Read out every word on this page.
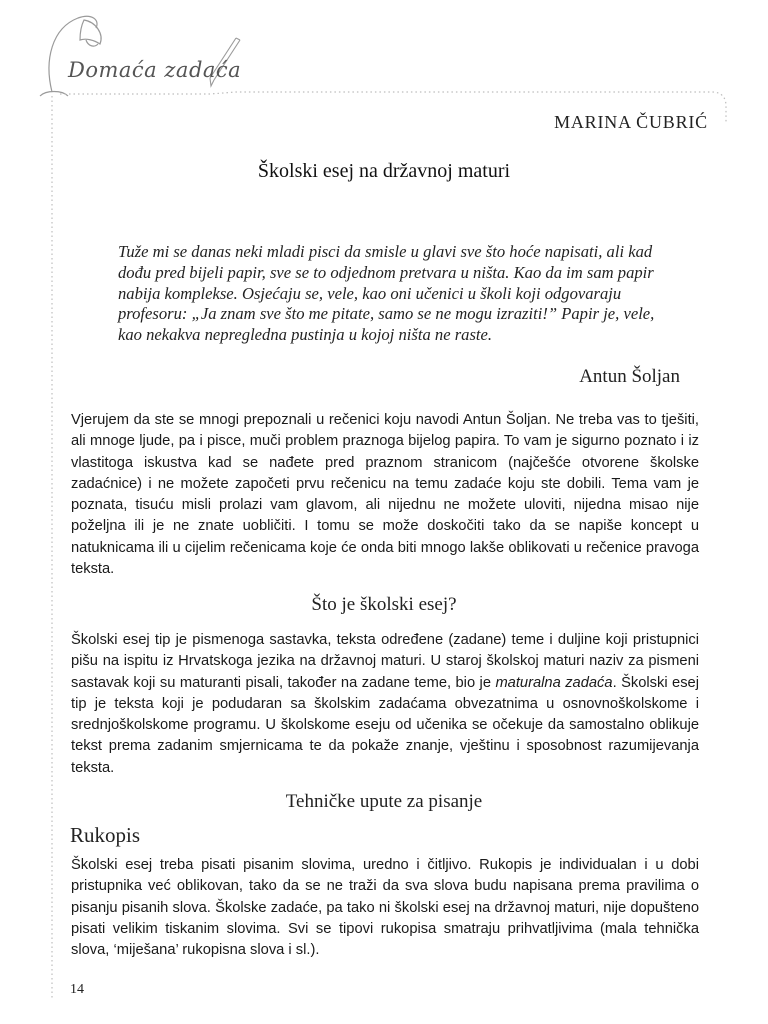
Domaća zadaća
MARINA ČUBRIĆ
Školski esej na državnoj maturi
Tuže mi se danas neki mladi pisci da smisle u glavi sve što hoće napisati, ali kad dođu pred bijeli papir, sve se to odjednom pretvara u ništa. Kao da im sam papir nabija komplekse. Osjećaju se, vele, kao oni učenici u školi koji odgovaraju profesoru: „Ja znam sve što me pitate, samo se ne mogu izraziti!” Papir je, vele, kao nekakva nepregledna pustinja u kojoj ništa ne raste.
Antun Šoljan

Vjerujem da ste se mnogi prepoznali u rečenici koju navodi Antun Šoljan. Ne treba vas to tješiti, ali mnoge ljude, pa i pisce, muči problem praznoga bijelog papira. To vam je sigurno poznato i iz vlastitoga iskustva kad se nađete pred praznom stranicom (najčešće otvorene školske zadaćnice) i ne možete započeti prvu rečenicu na temu zadaće koju ste dobili. Tema vam je poznata, tisuću misli prolazi vam glavom, ali nijednu ne možete uloviti, nijedna misao nije poželjna ili je ne znate uobličiti. I tomu se može doskočiti tako da se napiše koncept u natuknicama ili u cijelim rečenicama koje će onda biti mnogo lakše oblikovati u rečenice pravoga teksta.

Što je školski esej?

Školski esej tip je pismenoga sastavka, teksta određene (zadane) teme i duljine koji pristupnici pišu na ispitu iz Hrvatskoga jezika na državnoj maturi. U staroj školskoj maturi naziv za pismeni sastavak koji su maturanti pisali, također na zadane teme, bio je maturalna zadaća. Školski esej tip je teksta koji je podudaran sa školskim zadaćama obvezatnima u osnovnoškolskome i srednjoškolskome programu. U školskome eseju od učenika se očekuje da samostalno oblikuje tekst prema zadanim smjernicama te da pokaže znanje, vještinu i sposobnost razumijevanja teksta.

Tehničke upute za pisanje
Rukopis

Školski esej treba pisati pisanim slovima, uredno i čitljivo. Rukopis je individualan i u dobi pristupnika već oblikovan, tako da se ne traži da sva slova budu napisana prema pravilima o pisanju pisanih slova. Školske zadaće, pa tako ni školski esej na državnoj maturi, nije dopušteno pisati velikim tiskanim slovima. Svi se tipovi rukopisa smatraju prihvatljivima (mala tehnička slova, ‘miješana’ rukopisna slova i sl.).

14
